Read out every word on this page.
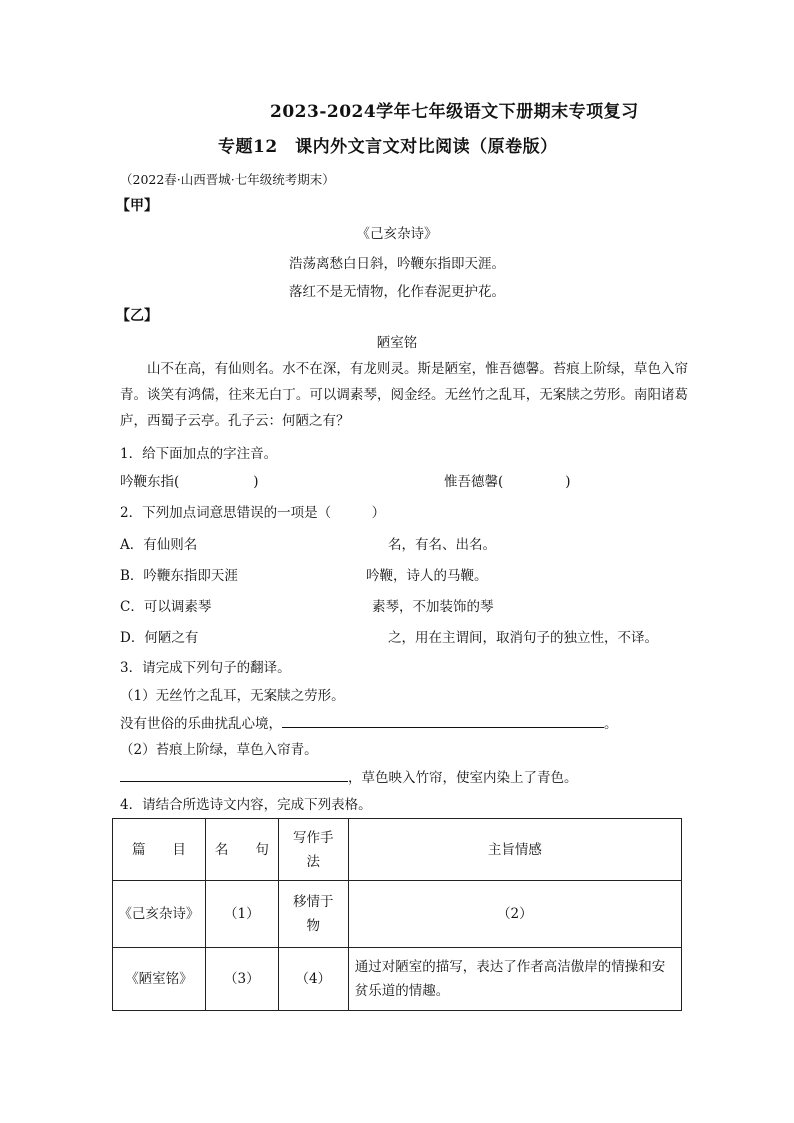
2023-2024学年七年级语文下册期末专项复习
专题12　课内外文言文对比阅读（原卷版）
（2022春·山西晋城·七年级统考期末）
【甲】
《己亥杂诗》
浩荡离愁白日斜，吟鞭东指即天涯。
落红不是无情物，化作春泥更护花。
【乙】
陋室铭
山不在高，有仙则名。水不在深，有龙则灵。斯是陋室，惟吾德馨。苔痕上阶绿，草色入帘青。谈笑有鸿儒，往来无白丁。可以调素琴，阅金经。无丝竹之乱耳，无案牍之劳形。南阳诸葛庐，西蜀子云亭。孔子云：何陋之有？
1．给下面加点的字注音。
吟鞭东指(	)	惟吾德馨(	)
2．下列加点词意思错误的一项是（　　　）
A．有仙则名	名，有名、出名。
B．吟鞭东指即天涯	吟鞭，诗人的马鞭。
C．可以调素琴	素琴，不加装饰的琴
D．何陋之有	之，用在主谓间，取消句子的独立性，不译。
3．请完成下列句子的翻译。
（1）无丝竹之乱耳，无案牍之劳形。
没有世俗的乐曲扰乱心境，	。
（2）苔痕上阶绿，草色入帘青。
，草色映入竹帘，使室内染上了青色。
4．请结合所选诗文内容，完成下列表格。
篇　　目	名　　句	写作手法	主旨情感
《己亥杂诗》	（1）	移情于物	（2）
《陋室铭》	（3）	（4）	通过对陋室的描写，表达了作者高洁傲岸的情操和安贫乐道的情趣。
